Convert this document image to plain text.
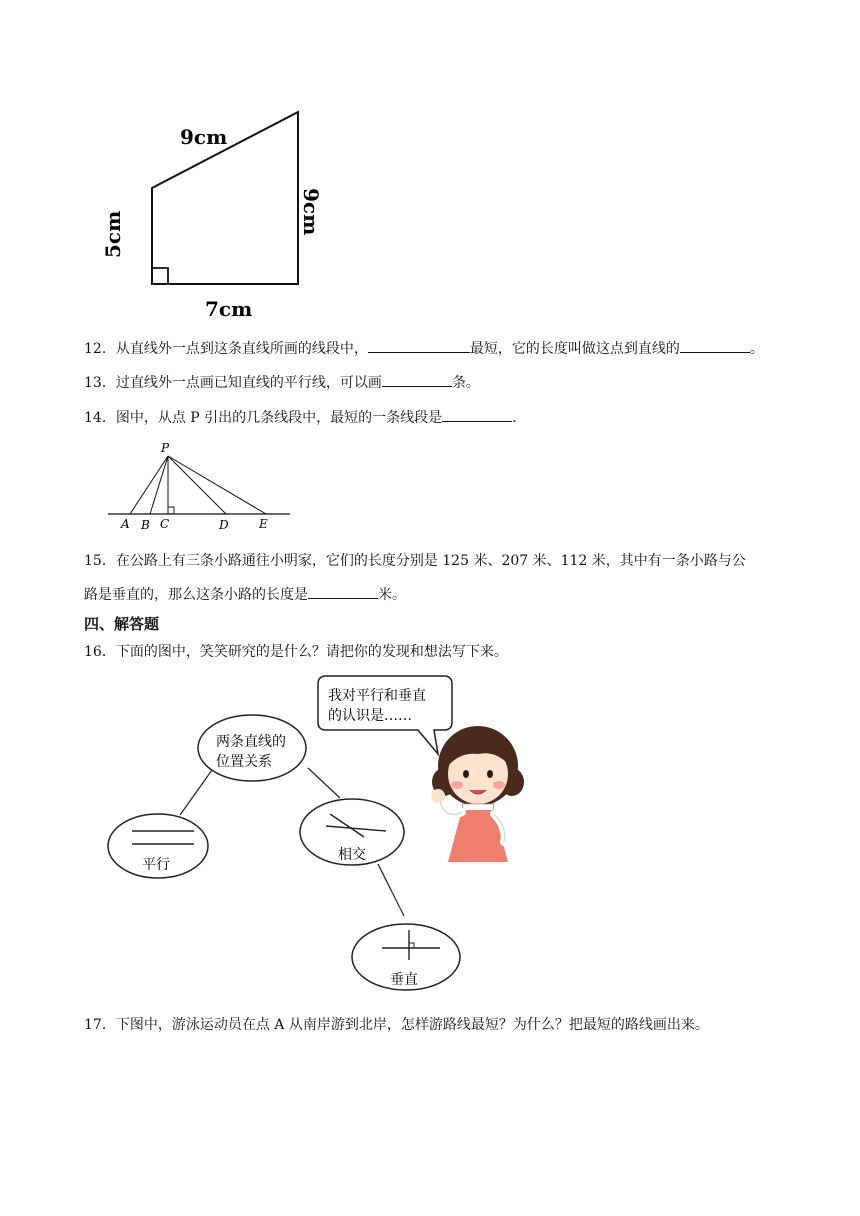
9cm
9cm
5cm
7cm
12．从直线外一点到这条直线所画的线段中，	最短，它的长度叫做这点到直线的	。
13．过直线外一点画已知直线的平行线，可以画	条。
14．图中，从点 P 引出的几条线段中，最短的一条线段是	．
P
A B C	D	E
15．在公路上有三条小路通往小明家，它们的长度分别是 125 米、207 米、112 米，其中有一条小路与公
路是垂直的，那么这条小路的长度是	米。
四、解答题
16．下面的图中，笑笑研究的是什么？请把你的发现和想法写下来。
两条直线的
位置关系
平行
相交
垂直
我对平行和垂直
的认识是……
17．下图中，游泳运动员在点 A 从南岸游到北岸，怎样游路线最短？为什么？把最短的路线画出来。
